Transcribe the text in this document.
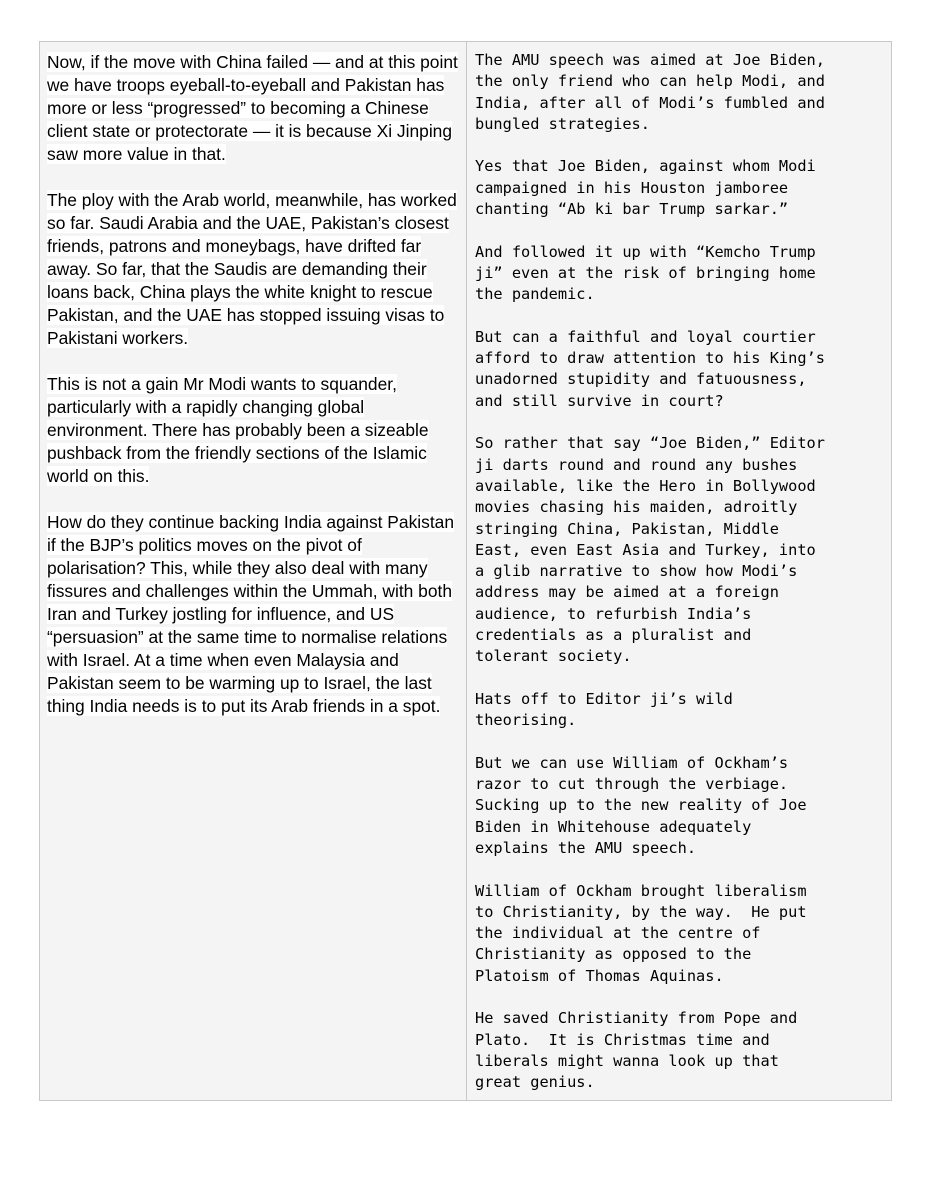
Now, if the move with China failed — and at this point we have troops eyeball-to-eyeball and Pakistan has more or less “progressed” to becoming a Chinese client state or protectorate — it is because Xi Jinping saw more value in that.

The ploy with the Arab world, meanwhile, has worked so far. Saudi Arabia and the UAE, Pakistan’s closest friends, patrons and moneybags, have drifted far away. So far, that the Saudis are demanding their loans back, China plays the white knight to rescue Pakistan, and the UAE has stopped issuing visas to Pakistani workers.

This is not a gain Mr Modi wants to squander, particularly with a rapidly changing global environment. There has probably been a sizeable pushback from the friendly sections of the Islamic world on this.

How do they continue backing India against Pakistan if the BJP’s politics moves on the pivot of polarisation? This, while they also deal with many fissures and challenges within the Ummah, with both Iran and Turkey jostling for influence, and US “persuasion” at the same time to normalise relations with Israel. At a time when even Malaysia and Pakistan seem to be warming up to Israel, the last thing India needs is to put its Arab friends in a spot.

The AMU speech was aimed at Joe Biden,
the only friend who can help Modi, and
India, after all of Modi’s fumbled and
bungled strategies.

Yes that Joe Biden, against whom Modi
campaigned in his Houston jamboree
chanting “Ab ki bar Trump sarkar.”

And followed it up with “Kemcho Trump
ji” even at the risk of bringing home
the pandemic.

But can a faithful and loyal courtier
afford to draw attention to his King’s
unadorned stupidity and fatuousness,
and still survive in court?

So rather that say “Joe Biden,” Editor
ji darts round and round any bushes
available, like the Hero in Bollywood
movies chasing his maiden, adroitly
stringing China, Pakistan, Middle
East, even East Asia and Turkey, into
a glib narrative to show how Modi’s
address may be aimed at a foreign
audience, to refurbish India’s
credentials as a pluralist and
tolerant society.

Hats off to Editor ji’s wild
theorising.

But we can use William of Ockham’s
razor to cut through the verbiage.
Sucking up to the new reality of Joe
Biden in Whitehouse adequately
explains the AMU speech.

William of Ockham brought liberalism
to Christianity, by the way.  He put
the individual at the centre of
Christianity as opposed to the
Platoism of Thomas Aquinas.

He saved Christianity from Pope and
Plato.  It is Christmas time and
liberals might wanna look up that
great genius.
